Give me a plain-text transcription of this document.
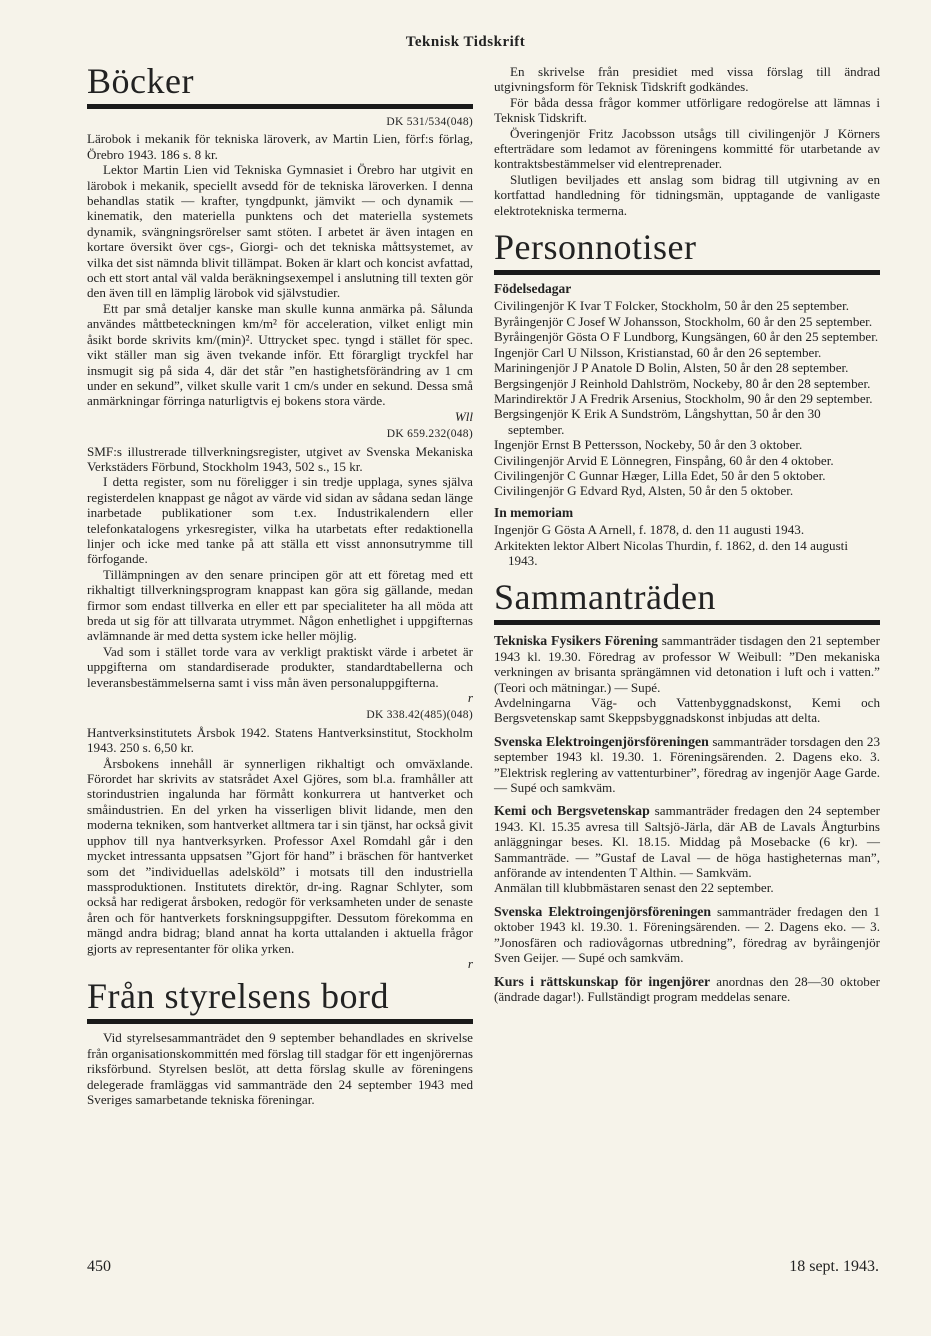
Teknisk Tidskrift
Böcker
DK 531/534(048)

Lärobok i mekanik för tekniska läroverk, av Martin Lien, förf:s förlag, Örebro 1943. 186 s. 8 kr.

Lektor Martin Lien vid Tekniska Gymnasiet i Örebro har utgivit en lärobok i mekanik, speciellt avsedd för de tekniska läroverken. I denna behandlas statik — krafter, tyngdpunkt, jämvikt — och dynamik — kinematik, den materiella punktens och det materiella systemets dynamik, svängningsrörelser samt stöten. I arbetet är även intagen en kortare översikt över cgs-, Giorgi- och det tekniska måttsystemet, av vilka det sist nämnda blivit tillämpat. Boken är klart och koncist avfattad, och ett stort antal väl valda beräkningsexempel i anslutning till texten gör den även till en lämplig lärobok vid självstudier.

Ett par små detaljer kanske man skulle kunna anmärka på. Sålunda användes måttbeteckningen km/m² för acceleration, vilket enligt min åsikt borde skrivits km/(min)². Uttrycket spec. tyngd i stället för spec. vikt ställer man sig även tvekande inför. Ett förargligt tryckfel har insmugit sig på sida 4, där det står ”en hastighetsförändring av 1 cm under en sekund”, vilket skulle varit 1 cm/s under en sekund. Dessa små anmärkningar förringa naturligtvis ej bokens stora värde.

Wll
DK 659.232(048)

SMF:s illustrerade tillverkningsregister, utgivet av Svenska Mekaniska Verkstäders Förbund, Stockholm 1943, 502 s., 15 kr.

I detta register, som nu föreligger i sin tredje upplaga, synes själva registerdelen knappast ge något av värde vid sidan av sådana sedan länge inarbetade publikationer som t.ex. Industrikalendern eller telefonkatalogens yrkesregister, vilka ha utarbetats efter redaktionella linjer och icke med tanke på att ställa ett visst annonsutrymme till förfogande.

Tillämpningen av den senare principen gör att ett företag med ett rikhaltigt tillverkningsprogram knappast kan göra sig gällande, medan firmor som endast tillverka en eller ett par specialiteter ha all möda att breda ut sig för att tillvarata utrymmet. Någon enhetlighet i uppgifternas avlämnande är med detta system icke heller möjlig.

Vad som i stället torde vara av verkligt praktiskt värde i arbetet är uppgifterna om standardiserade produkter, standardtabellerna och leveransbestämmelserna samt i viss mån även personaluppgifterna.

r
DK 338.42(485)(048)

Hantverksinstitutets Årsbok 1942. Statens Hantverksinstitut, Stockholm 1943. 250 s. 6,50 kr.

Årsbokens innehåll är synnerligen rikhaltigt och omväxlande. Förordet har skrivits av statsrådet Axel Gjöres, som bl.a. framhåller att storindustrien ingalunda har förmått konkurrera ut hantverket och småindustrien. En del yrken ha visserligen blivit lidande, men den moderna tekniken, som hantverket alltmera tar i sin tjänst, har också givit upphov till nya hantverksyrken. Professor Axel Romdahl går i den mycket intressanta uppsatsen ”Gjort för hand” i bräschen för hantverket som det ”individuellas adelsköld” i motsats till den industriella massproduktionen. Institutets direktör, dr-ing. Ragnar Schlyter, som också har redigerat årsboken, redogör för verksamheten under de senaste åren och för hantverkets forskningsuppgifter. Dessutom förekomma en mängd andra bidrag; bland annat ha korta uttalanden i aktuella frågor gjorts av representanter för olika yrken.

r
Från styrelsens bord

Vid styrelsesammanträdet den 9 september behandlades en skrivelse från organisationskommittén med förslag till stadgar för ett ingenjörernas riksförbund. Styrelsen beslöt, att detta förslag skulle av föreningens delegerade framläggas vid sammanträde den 24 september 1943 med Sveriges samarbetande tekniska föreningar.

En skrivelse från presidiet med vissa förslag till ändrad utgivningsform för Teknisk Tidskrift godkändes.

För båda dessa frågor kommer utförligare redogörelse att lämnas i Teknisk Tidskrift.

Överingenjör Fritz Jacobsson utsågs till civilingenjör J Körners efterträdare som ledamot av föreningens kommitté för utarbetande av kontraktsbestämmelser vid elentreprenader.

Slutligen beviljades ett anslag som bidrag till utgivning av en kortfattad handledning för tidningsmän, upptagande de vanligaste elektrotekniska termerna.

Personnotiser
Födelsedagar

Civilingenjör K Ivar T Folcker, Stockholm, 50 år den 25 september.

Byråingenjör C Josef W Johansson, Stockholm, 60 år den 25 september.

Byråingenjör Gösta O F Lundborg, Kungsängen, 60 år den 25 september.

Ingenjör Carl U Nilsson, Kristianstad, 60 år den 26 september.

Mariningenjör J P Anatole D Bolin, Alsten, 50 år den 28 september.

Bergsingenjör J Reinhold Dahlström, Nockeby, 80 år den 28 september.

Marindirektör J A Fredrik Arsenius, Stockholm, 90 år den 29 september.

Bergsingenjör K Erik A Sundström, Långshyttan, 50 år den 30 september.

Ingenjör Ernst B Pettersson, Nockeby, 50 år den 3 oktober.

Civilingenjör Arvid E Lönnegren, Finspång, 60 år den 4 oktober.

Civilingenjör C Gunnar Hæger, Lilla Edet, 50 år den 5 oktober.

Civilingenjör G Edvard Ryd, Alsten, 50 år den 5 oktober.

In memoriam

Ingenjör G Gösta A Arnell, f. 1878, d. den 11 augusti 1943.

Arkitekten lektor Albert Nicolas Thurdin, f. 1862, d. den 14 augusti 1943.

Sammanträden

Tekniska Fysikers Förening sammanträder tisdagen den 21 september 1943 kl. 19.30. Föredrag av professor W Weibull: ”Den mekaniska verkningen av brisanta sprängämnen vid detonation i luft och i vatten.” (Teori och mätningar.) — Supé.

Avdelningarna Väg- och Vattenbyggnadskonst, Kemi och Bergsvetenskap samt Skeppsbyggnadskonst inbjudas att delta.

Svenska Elektroingenjörsföreningen sammanträder torsdagen den 23 september 1943 kl. 19.30. 1. Föreningsärenden. 2. Dagens eko. 3. ”Elektrisk reglering av vattenturbiner”, föredrag av ingenjör Aage Garde. — Supé och samkväm.

Kemi och Bergsvetenskap sammanträder fredagen den 24 september 1943. Kl. 15.35 avresa till Saltsjö-Järla, där AB de Lavals Ångturbins anläggningar beses. Kl. 18.15. Middag på Mosebacke (6 kr). — Sammanträde. — ”Gustaf de Laval — de höga hastigheternas man”, anförande av intendenten T Althin. — Samkväm.

Anmälan till klubbmästaren senast den 22 september.

Svenska Elektroingenjörsföreningen sammanträder fredagen den 1 oktober 1943 kl. 19.30. 1. Föreningsärenden. — 2. Dagens eko. — 3. ”Jonosfären och radiovågornas utbredning”, föredrag av byråingenjör Sven Geijer. — Supé och samkväm.

Kurs i rättskunskap för ingenjörer anordnas den 28—30 oktober (ändrade dagar!). Fullständigt program meddelas senare.

450	18 sept. 1943.
